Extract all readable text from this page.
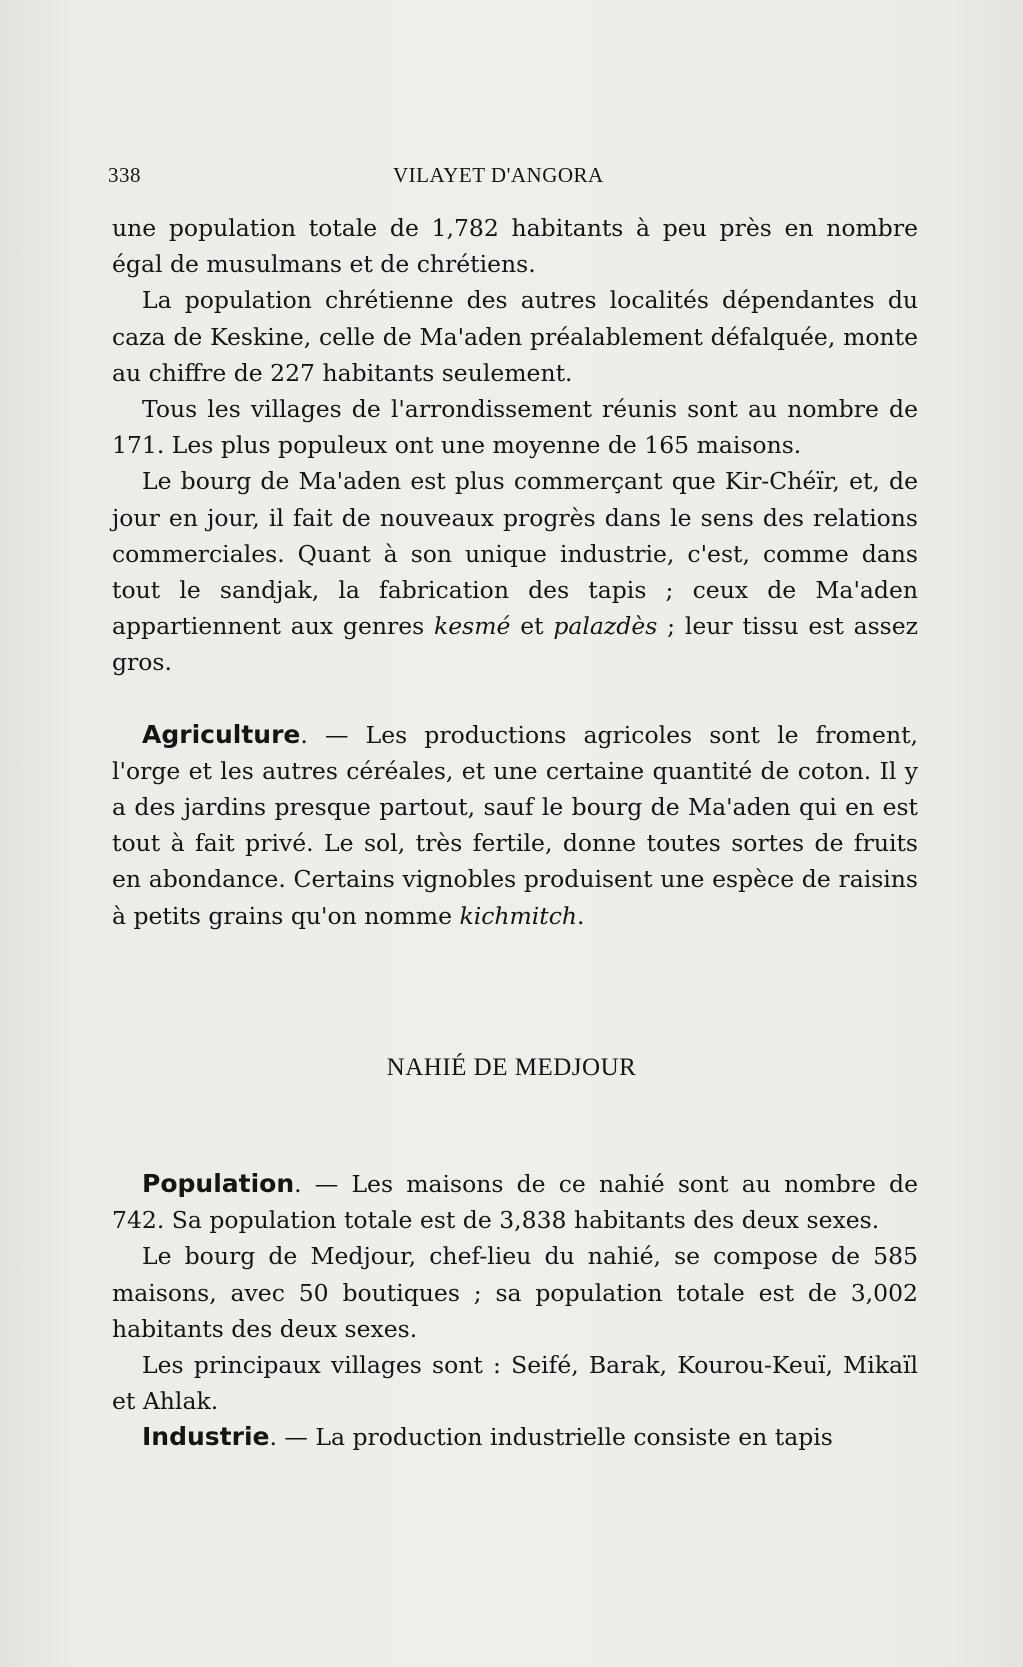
338	VILAYET D'ANGORA

une population totale de 1,782 habitants à peu près en nombre égal de musulmans et de chrétiens.

La population chrétienne des autres localités dépendantes du caza de Keskine, celle de Ma'aden préalablement défalquée, monte au chiffre de 227 habitants seulement.

Tous les villages de l'arrondissement réunis sont au nombre de 171. Les plus populeux ont une moyenne de 165 maisons.

Le bourg de Ma'aden est plus commerçant que Kir-Chéïr, et, de jour en jour, il fait de nouveaux progrès dans le sens des relations commerciales. Quant à son unique industrie, c'est, comme dans tout le sandjak, la fabrication des tapis ; ceux de Ma'aden appartiennent aux genres kesmé et palazdès ; leur tissu est assez gros.

Agriculture. — Les productions agricoles sont le froment, l'orge et les autres céréales, et une certaine quantité de coton. Il y a des jardins presque partout, sauf le bourg de Ma'aden qui en est tout à fait privé. Le sol, très fertile, donne toutes sortes de fruits en abondance. Certains vignobles produisent une espèce de raisins à petits grains qu'on nomme kichmitch.

NAHIÉ DE MEDJOUR

Population. — Les maisons de ce nahié sont au nombre de 742. Sa population totale est de 3,838 habitants des deux sexes.

Le bourg de Medjour, chef-lieu du nahié, se compose de 585 maisons, avec 50 boutiques ; sa population totale est de 3,002 habitants des deux sexes.

Les principaux villages sont : Seifé, Barak, Kourou-Keuï, Mikaïl et Ahlak.

Industrie. — La production industrielle consiste en tapis
